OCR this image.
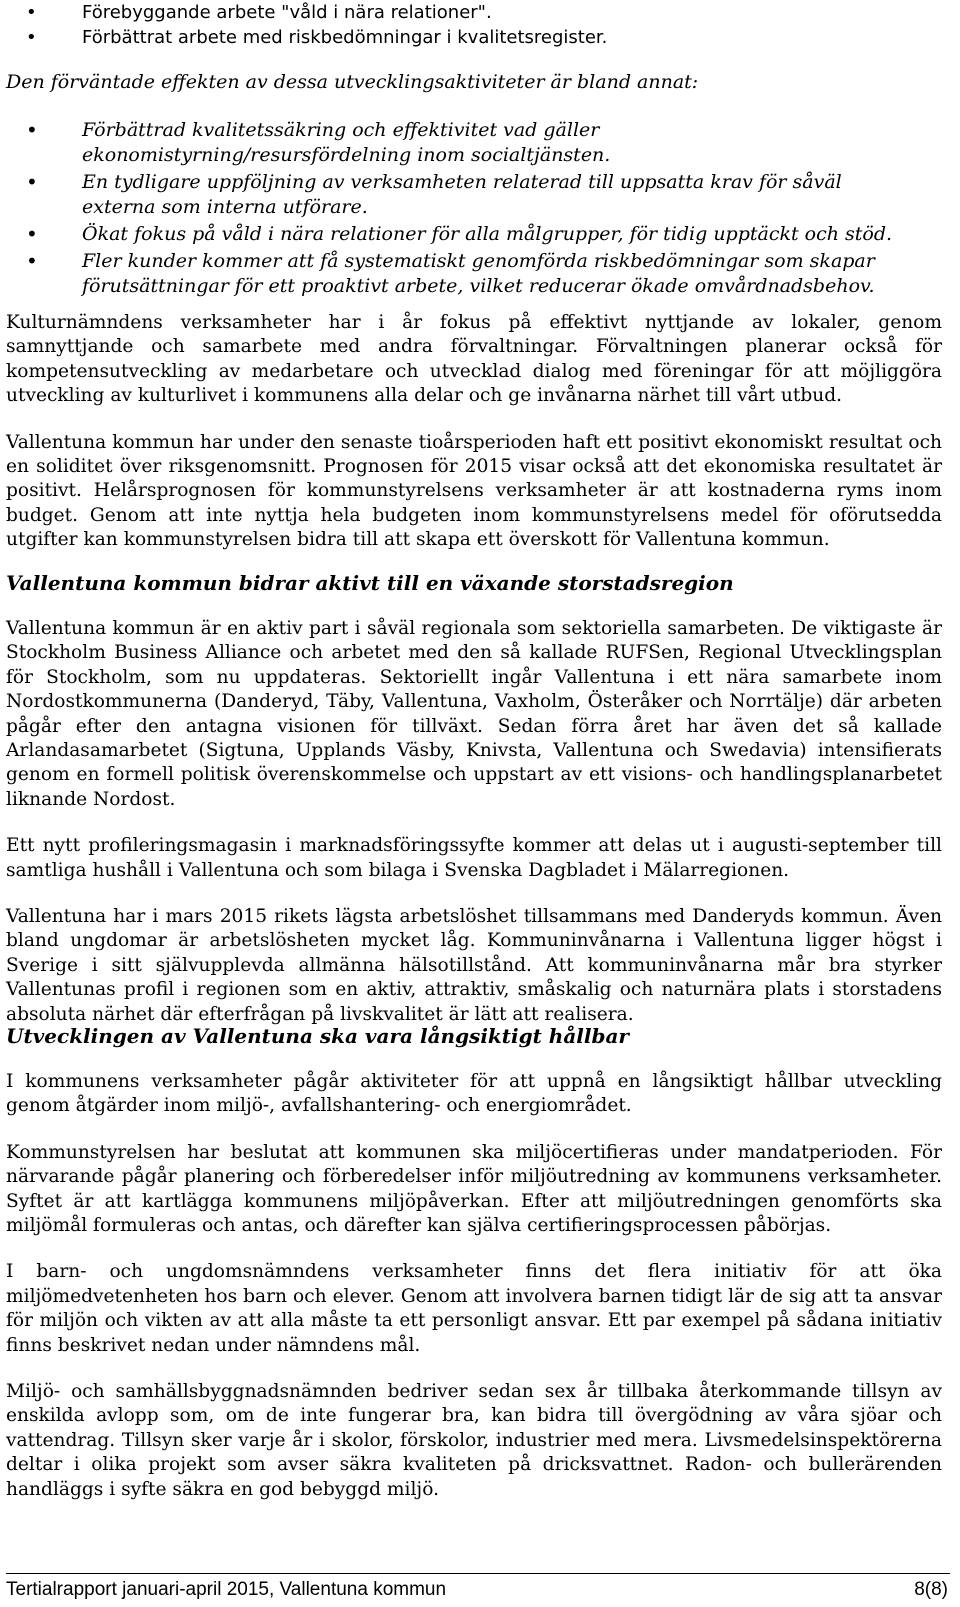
• Förebyggande arbete "våld i nära relationer".
• Förbättrat arbete med riskbedömningar i kvalitetsregister.
Den förväntade effekten av dessa utvecklingsaktiviteter är bland annat:
• Förbättrad kvalitetssäkring och effektivitet vad gäller ekonomistyrning/resursfördelning inom socialtjänsten.
• En tydligare uppföljning av verksamheten relaterad till uppsatta krav för såväl externa som interna utförare.
• Ökat fokus på våld i nära relationer för alla målgrupper, för tidig upptäckt och stöd.
• Fler kunder kommer att få systematiskt genomförda riskbedömningar som skapar förutsättningar för ett proaktivt arbete, vilket reducerar ökade omvårdnadsbehov.

Kulturnämndens verksamheter har i år fokus på effektivt nyttjande av lokaler, genom samnyttjande och samarbete med andra förvaltningar. Förvaltningen planerar också för kompetensutveckling av medarbetare och utvecklad dialog med föreningar för att möjliggöra utveckling av kulturlivet i kommunens alla delar och ge invånarna närhet till vårt utbud.

Vallentuna kommun har under den senaste tioårsperioden haft ett positivt ekonomiskt resultat och en soliditet över riksgenomsnitt. Prognosen för 2015 visar också att det ekonomiska resultatet är positivt. Helårsprognosen för kommunstyrelsens verksamheter är att kostnaderna ryms inom budget. Genom att inte nyttja hela budgeten inom kommunstyrelsens medel för oförutsedda utgifter kan kommunstyrelsen bidra till att skapa ett överskott för Vallentuna kommun.

Vallentuna kommun bidrar aktivt till en växande storstadsregion

Vallentuna kommun är en aktiv part i såväl regionala som sektoriella samarbeten. De viktigaste är Stockholm Business Alliance och arbetet med den så kallade RUFSen, Regional Utvecklingsplan för Stockholm, som nu uppdateras. Sektoriellt ingår Vallentuna i ett nära samarbete inom Nordostkommunerna (Danderyd, Täby, Vallentuna, Vaxholm, Österåker och Norrtälje) där arbeten pågår efter den antagna visionen för tillväxt. Sedan förra året har även det så kallade Arlandasamarbetet (Sigtuna, Upplands Väsby, Knivsta, Vallentuna och Swedavia) intensifierats genom en formell politisk överenskommelse och uppstart av ett visions- och handlingsplanarbetet liknande Nordost.

Ett nytt profileringsmagasin i marknadsföringssyfte kommer att delas ut i augusti-september till samtliga hushåll i Vallentuna och som bilaga i Svenska Dagbladet i Mälarregionen.

Vallentuna har i mars 2015 rikets lägsta arbetslöshet tillsammans med Danderyds kommun. Även bland ungdomar är arbetslösheten mycket låg. Kommuninvånarna i Vallentuna ligger högst i Sverige i sitt självupplevda allmänna hälsotillstånd. Att kommuninvånarna mår bra styrker Vallentunas profil i regionen som en aktiv, attraktiv, småskalig och naturnära plats i storstadens absoluta närhet där efterfrågan på livskvalitet är lätt att realisera.

Utvecklingen av Vallentuna ska vara långsiktigt hållbar

I kommunens verksamheter pågår aktiviteter för att uppnå en långsiktigt hållbar utveckling genom åtgärder inom miljö-, avfallshantering- och energiområdet.

Kommunstyrelsen har beslutat att kommunen ska miljöcertifieras under mandatperioden. För närvarande pågår planering och förberedelser inför miljöutredning av kommunens verksamheter. Syftet är att kartlägga kommunens miljöpåverkan. Efter att miljöutredningen genomförts ska miljömål formuleras och antas, och därefter kan själva certifieringsprocessen påbörjas.

I barn- och ungdomsnämndens verksamheter finns det flera initiativ för att öka miljömedvetenheten hos barn och elever. Genom att involvera barnen tidigt lär de sig att ta ansvar för miljön och vikten av att alla måste ta ett personligt ansvar. Ett par exempel på sådana initiativ finns beskrivet nedan under nämndens mål.

Miljö- och samhällsbyggnadsnämnden bedriver sedan sex år tillbaka återkommande tillsyn av enskilda avlopp som, om de inte fungerar bra, kan bidra till övergödning av våra sjöar och vattendrag. Tillsyn sker varje år i skolor, förskolor, industrier med mera. Livsmedelsinspektörerna deltar i olika projekt som avser säkra kvaliteten på dricksvattnet. Radon- och bullerärenden handläggs i syfte säkra en god bebyggd miljö.

Tertialrapport januari-april 2015, Vallentuna kommun	8(8)
